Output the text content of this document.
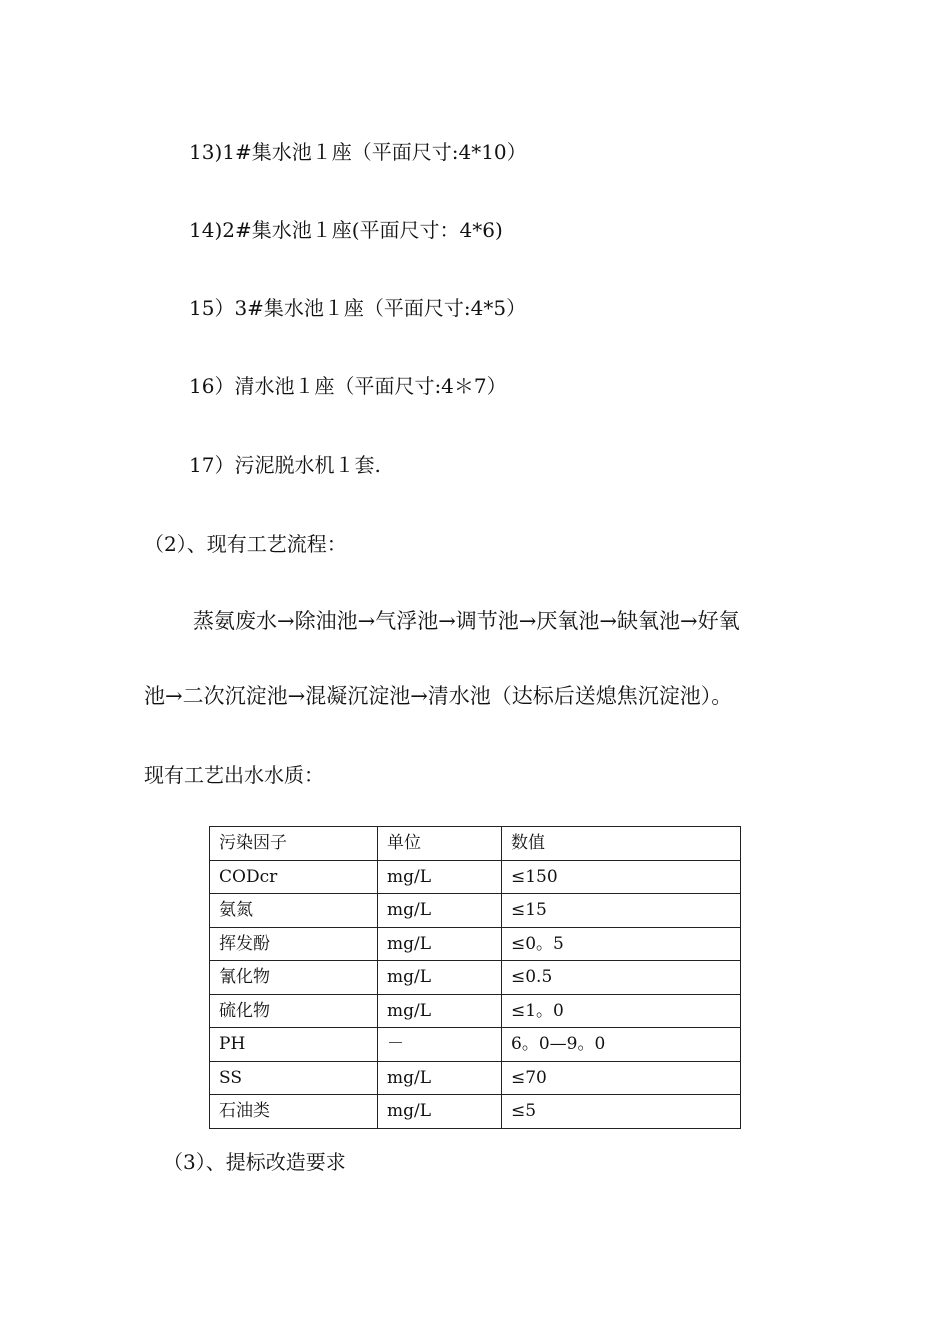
13)1#集水池１座（平面尺寸:4*10）
14)2#集水池１座(平面尺寸：4*6)
15）3#集水池１座（平面尺寸:4*5）
16）清水池１座（平面尺寸:4＊7）
17）污泥脱水机１套.
（2）、现有工艺流程：
蒸氨废水→除油池→气浮池→调节池→厌氧池→缺氧池→好氧
池→二次沉淀池→混凝沉淀池→清水池（达标后送熄焦沉淀池）。
现有工艺出水水质：
污染因子	单位	数值
CODcr	mg/L	≤150
氨氮	mg/L	≤15
挥发酚	mg/L	≤0。5
氰化物	mg/L	≤0.5
硫化物	mg/L	≤1。0
PH	－	6。0—9。0
SS	mg/L	≤70
石油类	mg/L	≤5
（3）、提标改造要求
